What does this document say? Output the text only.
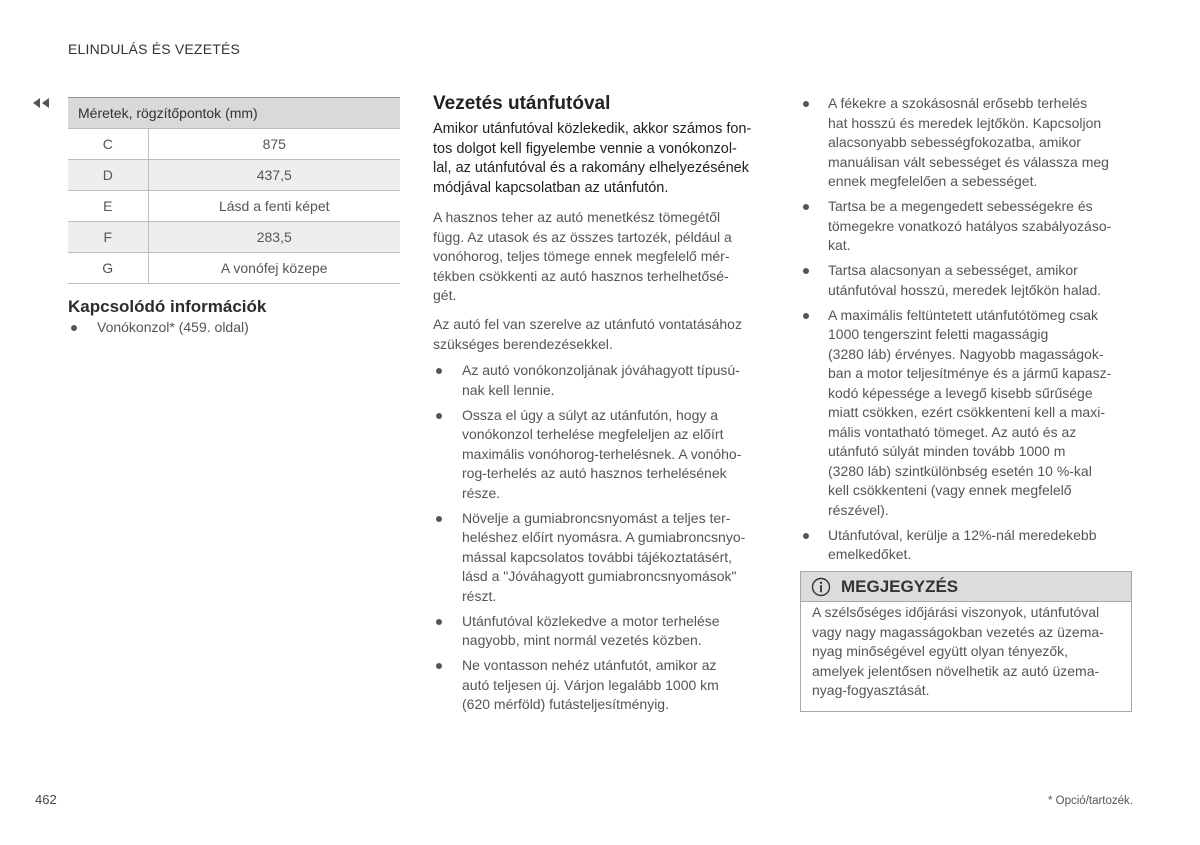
ELINDULÁS ÉS VEZETÉS
Méretek, rögzítőpontok (mm)	
C	875
D	437,5
E	Lásd a fenti képet
F	283,5
G	A vonófej közepe
Kapcsolódó információk
Vonókonzol* (459. oldal)
Vezetés utánfutóval
Amikor utánfutóval közlekedik, akkor számos fon-
tos dolgot kell figyelembe vennie a vonókonzol-
lal, az utánfutóval és a rakomány elhelyezésének
módjával kapcsolatban az utánfutón.
A hasznos teher az autó menetkész tömegétől
függ. Az utasok és az összes tartozék, például a
vonóhorog, teljes tömege ennek megfelelő mér-
tékben csökkenti az autó hasznos terhelhetősé-
gét.
Az autó fel van szerelve az utánfutó vontatásához
szükséges berendezésekkel.
Az autó vonókonzoljának jóváhagyott típusú-
nak kell lennie.
Ossza el úgy a súlyt az utánfutón, hogy a
vonókonzol terhelése megfeleljen az előírt
maximális vonóhorog-terhelésnek. A vonóho-
rog-terhelés az autó hasznos terhelésének
része.
Növelje a gumiabroncsnyomást a teljes ter-
heléshez előírt nyomásra. A gumiabroncsnyo-
mással kapcsolatos további tájékoztatásért,
lásd a "Jóváhagyott gumiabroncsnyomások"
részt.
Utánfutóval közlekedve a motor terhelése
nagyobb, mint normál vezetés közben.
Ne vontasson nehéz utánfutót, amikor az
autó teljesen új. Várjon legalább 1000 km
(620 mérföld) futásteljesítményig.
A fékekre a szokásosnál erősebb terhelés
hat hosszú és meredek lejtőkön. Kapcsoljon
alacsonyabb sebességfokozatba, amikor
manuálisan vált sebességet és válassza meg
ennek megfelelően a sebességet.
Tartsa be a megengedett sebességekre és
tömegekre vonatkozó hatályos szabályozáso-
kat.
Tartsa alacsonyan a sebességet, amikor
utánfutóval hosszú, meredek lejtőkön halad.
A maximális feltüntetett utánfutótömeg csak
1000 tengerszint feletti magasságig
(3280 láb) érvényes. Nagyobb magasságok-
ban a motor teljesítménye és a jármű kapasz-
kodó képessége a levegő kisebb sűrűsége
miatt csökken, ezért csökkenteni kell a maxi-
mális vontatható tömeget. Az autó és az
utánfutó súlyát minden tovább 1000 m
(3280 láb) szintkülönbség esetén 10 %-kal
kell csökkenteni (vagy ennek megfelelő
részével).
Utánfutóval, kerülje a 12%-nál meredekebb
emelkedőket.
MEGJEGYZÉS
A szélsőséges időjárási viszonyok, utánfutóval
vagy nagy magasságokban vezetés az üzema-
nyag minőségével együtt olyan tényezők,
amelyek jelentősen növelhetik az autó üzema-
nyag-fogyasztását.
462	* Opció/tartozék.
